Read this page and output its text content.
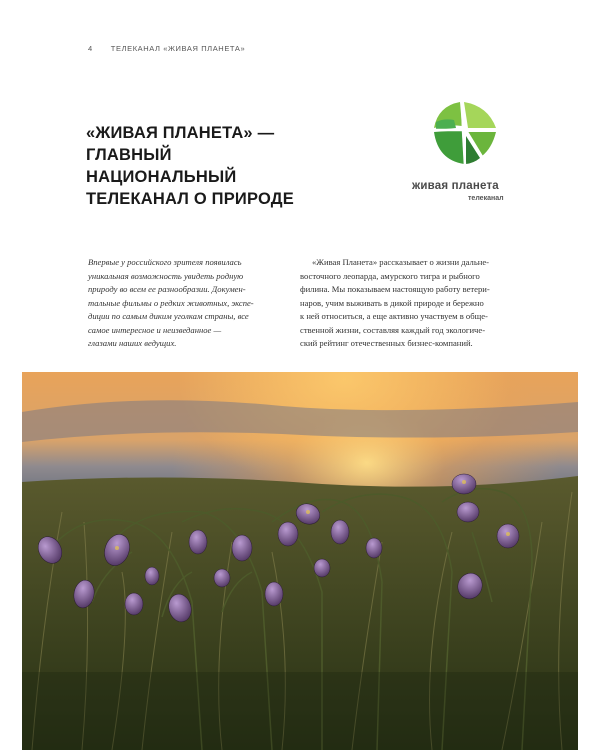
4 ТЕЛЕКАНАЛ «ЖИВАЯ ПЛАНЕТА»
«ЖИВАЯ ПЛАНЕТА» —
ГЛАВНЫЙ
НАЦИОНАЛЬНЫЙ
ТЕЛЕКАНАЛ О ПРИРОДЕ
живая планета
телеканал
Впервые у российского зрителя появилась
уникальная возможность увидеть родную
природу во всем ее разнообразии. Докумен-
тальные фильмы о редких животных, экспе-
диции по самым диким уголкам страны, все
самое интересное и неизведанное —
глазами наших ведущих.
«Живая Планета» рассказывает о жизни дальне-
восточного леопарда, амурского тигра и рыбного
филина. Мы показываем настоящую работу ветери-
наров, учим выживать в дикой природе и бережно
к ней относиться, а еще активно участвуем в обще-
ственной жизни, составляя каждый год экологиче-
ский рейтинг отечественных бизнес-компаний.
